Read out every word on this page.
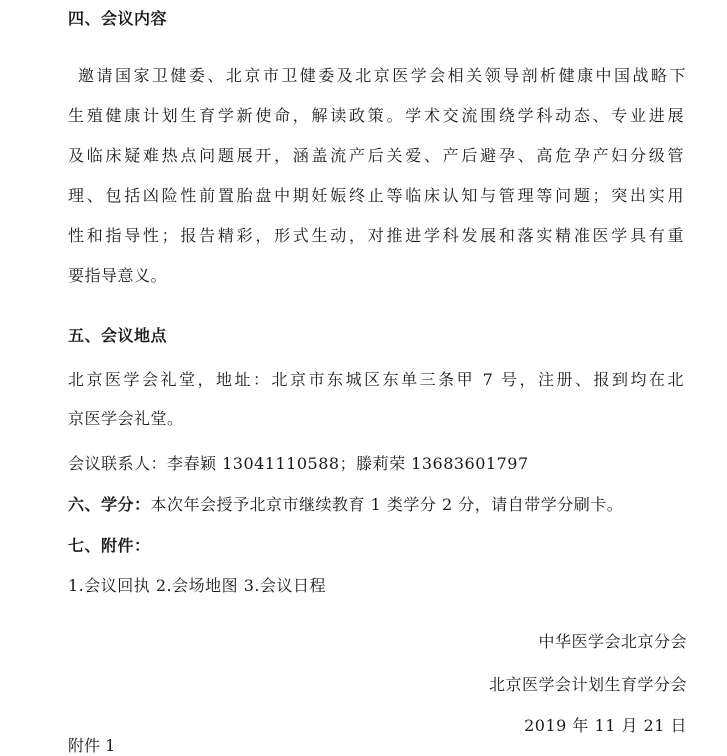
四、会议内容

邀请国家卫健委、北京市卫健委及北京医学会相关领导剖析健康中国战略下

生殖健康计划生育学新使命，解读政策。学术交流围绕学科动态、专业进展

及临床疑难热点问题展开，涵盖流产后关爱、产后避孕、高危孕产妇分级管

理、包括凶险性前置胎盘中期妊娠终止等临床认知与管理等问题；突出实用

性和指导性；报告精彩，形式生动，对推进学科发展和落实精准医学具有重

要指导意义。

五、会议地点

北京医学会礼堂，地址：北京市东城区东单三条甲 7 号，注册、报到均在北

京医学会礼堂。

会议联系人：李春颖 13041110588；滕莉荣 13683601797

六、学分：本次年会授予北京市继续教育 1 类学分 2 分，请自带学分刷卡。

七、附件：

1.会议回执 2.会场地图 3.会议日程

中华医学会北京分会

北京医学会计划生育学分会

2019 年 11 月 21 日

附件 1
